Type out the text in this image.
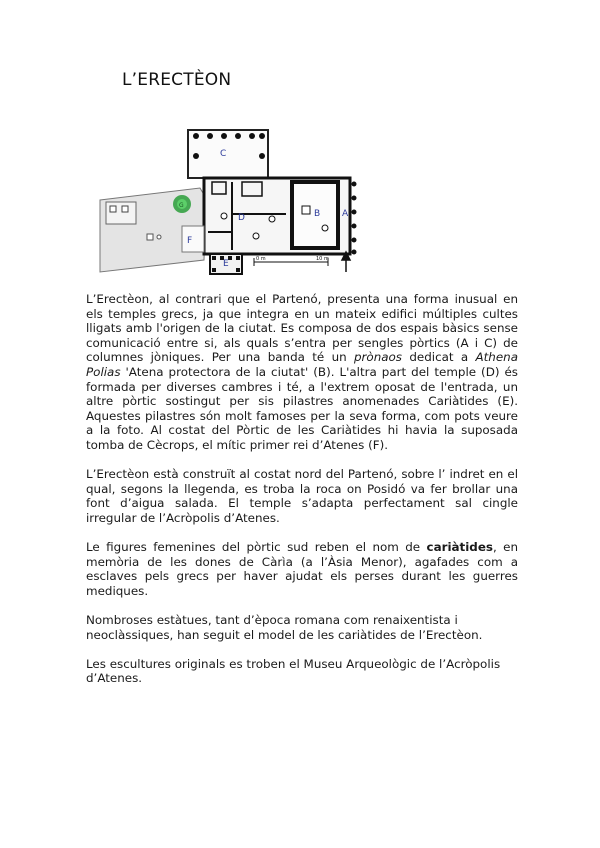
L’ERECTÈON
A
B
C
D
E
F
G
0 m	10 m

L’Erectèon, al contrari que el Partenó, presenta una forma inusual en els temples grecs, ja que integra en un mateix edifici múltiples cultes lligats amb l'origen de la ciutat. Es composa de dos espais bàsics sense comunicació entre si, als quals s’entra per sengles pòrtics (A i C) de columnes jòniques. Per una banda té un prònaos dedicat a Athena Polias 'Atena protectora de la ciutat' (B). L'altra part del temple (D) és formada per diverses cambres i té, a l'extrem oposat de l'entrada, un altre pòrtic sostingut per sis pilastres anomenades Cariàtides (E). Aquestes pilastres són molt famoses per la seva forma, com pots veure a la foto. Al costat del Pòrtic de les Cariàtides hi havia la suposada tomba de Cècrops, el mític primer rei d’Atenes (F).

L’Erectèon està construït al costat nord del Partenó, sobre l’ indret en el qual, segons la llegenda, es troba la roca on Posidó va fer brollar una font d’aigua salada. El temple s’adapta perfectament sal cingle irregular de l’Acròpolis d’Atenes.

Le figures femenines del pòrtic sud reben el nom de cariàtides, en memòria de les dones de Càrìa (a l’Àsia Menor), agafades com a esclaves pels grecs per haver ajudat els perses durant les guerres mediques.

Nombroses estàtues, tant d’època romana com renaixentista i neoclàssiques, han seguit el model de les cariàtides de l’Erectèon.

Les escultures originals es troben el Museu Arqueològic de l’Acròpolis d’Atenes.
